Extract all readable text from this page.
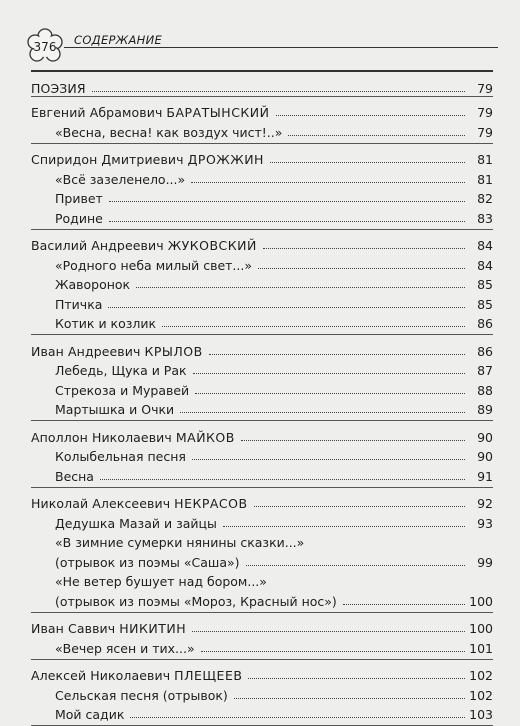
376 СОДЕРЖАНИЕ
ПОЭЗИЯ	79
Евгений Абрамович БАРАТЫНСКИЙ	79
«Весна, весна! как воздух чист!..»	79
Спиридон Дмитриевич ДРОЖЖИН	81
«Всё зазеленело...»	81
Привет	82
Родине	83
Василий Андреевич ЖУКОВСКИЙ	84
«Родного неба милый свет...»	84
Жаворонок	85
Птичка	85
Котик и козлик	86
Иван Андреевич КРЫЛОВ	86
Лебедь, Щука и Рак	87
Стрекоза и Муравей	88
Мартышка и Очки	89
Аполлон Николаевич МАЙКОВ	90
Колыбельная песня	90
Весна	91
Николай Алексеевич НЕКРАСОВ	92
Дедушка Мазай и зайцы	93
«В зимние сумерки нянины сказки...»
(отрывок из поэмы «Саша»)	99
«Не ветер бушует над бором...»
(отрывок из поэмы «Мороз, Красный нос»)	100
Иван Саввич НИКИТИН	100
«Вечер ясен и тих...»	101
Алексей Николаевич ПЛЕЩЕЕВ	102
Сельская песня (отрывок)	102
Мой садик	103
